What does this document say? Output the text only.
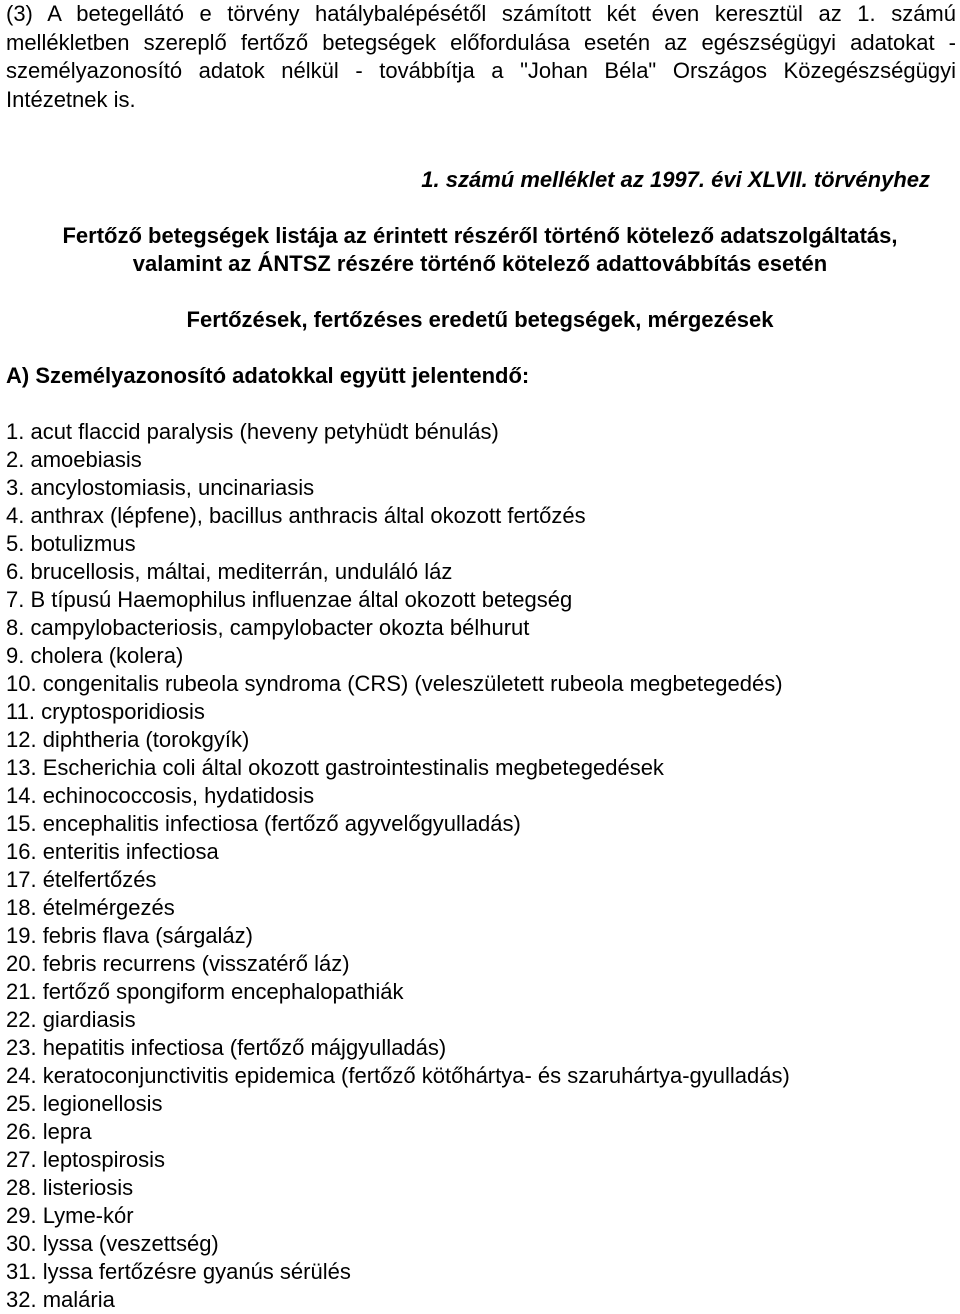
(3) A betegellátó e törvény hatálybalépésétől számított két éven keresztül az 1. számú mellékletben szereplő fertőző betegségek előfordulása esetén az egészségügyi adatokat - személyazonosító adatok nélkül - továbbítja a "Johan Béla" Országos Közegészségügyi Intézetnek is.

1. számú melléklet az 1997. évi XLVII. törvényhez

Fertőző betegségek listája az érintett részéről történő kötelező adatszolgáltatás,
valamint az ÁNTSZ részére történő kötelező adattovábbítás esetén

Fertőzések, fertőzéses eredetű betegségek, mérgezések

A) Személyazonosító adatokkal együtt jelentendő:

1. acut flaccid paralysis (heveny petyhüdt bénulás)
2. amoebiasis
3. ancylostomiasis, uncinariasis
4. anthrax (lépfene), bacillus anthracis által okozott fertőzés
5. botulizmus
6. brucellosis, máltai, mediterrán, unduláló láz
7. B típusú Haemophilus influenzae által okozott betegség
8. campylobacteriosis, campylobacter okozta bélhurut
9. cholera (kolera)
10. congenitalis rubeola syndroma (CRS) (veleszületett rubeola megbetegedés)
11. cryptosporidiosis
12. diphtheria (torokgyík)
13. Escherichia coli által okozott gastrointestinalis megbetegedések
14. echinococcosis, hydatidosis
15. encephalitis infectiosa (fertőző agyvelőgyulladás)
16. enteritis infectiosa
17. ételfertőzés
18. ételmérgezés
19. febris flava (sárgaláz)
20. febris recurrens (visszatérő láz)
21. fertőző spongiform encephalopathiák
22. giardiasis
23. hepatitis infectiosa (fertőző májgyulladás)
24. keratoconjunctivitis epidemica (fertőző kötőhártya- és szaruhártya-gyulladás)
25. legionellosis
26. lepra
27. leptospirosis
28. listeriosis
29. Lyme-kór
30. lyssa (veszettség)
31. lyssa fertőzésre gyanús sérülés
32. malária
